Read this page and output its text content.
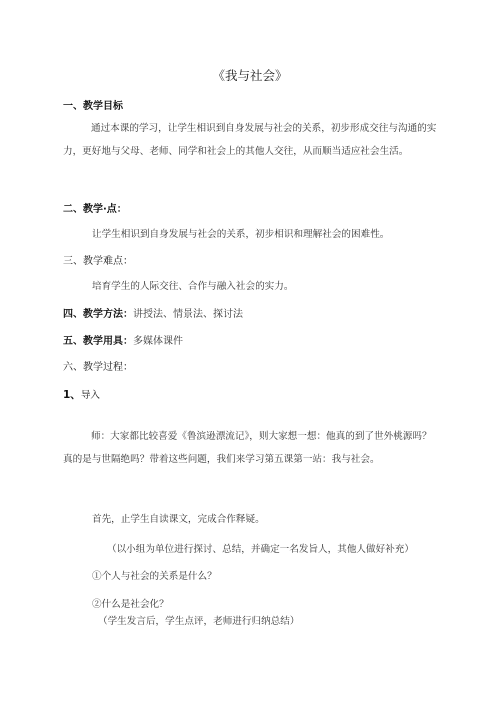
《我与社会》
一、教学目标
通过本课的学习，让学生相识到自身发展与社会的关系，初步形成交往与沟通的实力，更好地与父母、老师、同学和社会上的其他人交往，从而顺当适应社会生活。
二、教学·点：
让学生相识到自身发展与社会的关系，初步相识和理解社会的困难性。
三、教学难点：
培育学生的人际交往、合作与融入社会的实力。
四、教学方法：讲授法、情景法、探讨法
五、教学用具：多媒体课件
六、教学过程：
1、导入
师：大家都比较喜爱《鲁滨逊漂流记》，则大家想一想：他真的到了世外桃源吗？真的是与世隔绝吗？带着这些问题，我们来学习第五课第一站：我与社会。
首先，止学生自读课文，完成合作释疑。
（以小组为单位进行探讨、总结，并确定一名发旨人，其他人做好补充）
①个人与社会的关系是什么？
②什么是社会化？
（学生发言后，学生点评，老师进行归纳总结）
